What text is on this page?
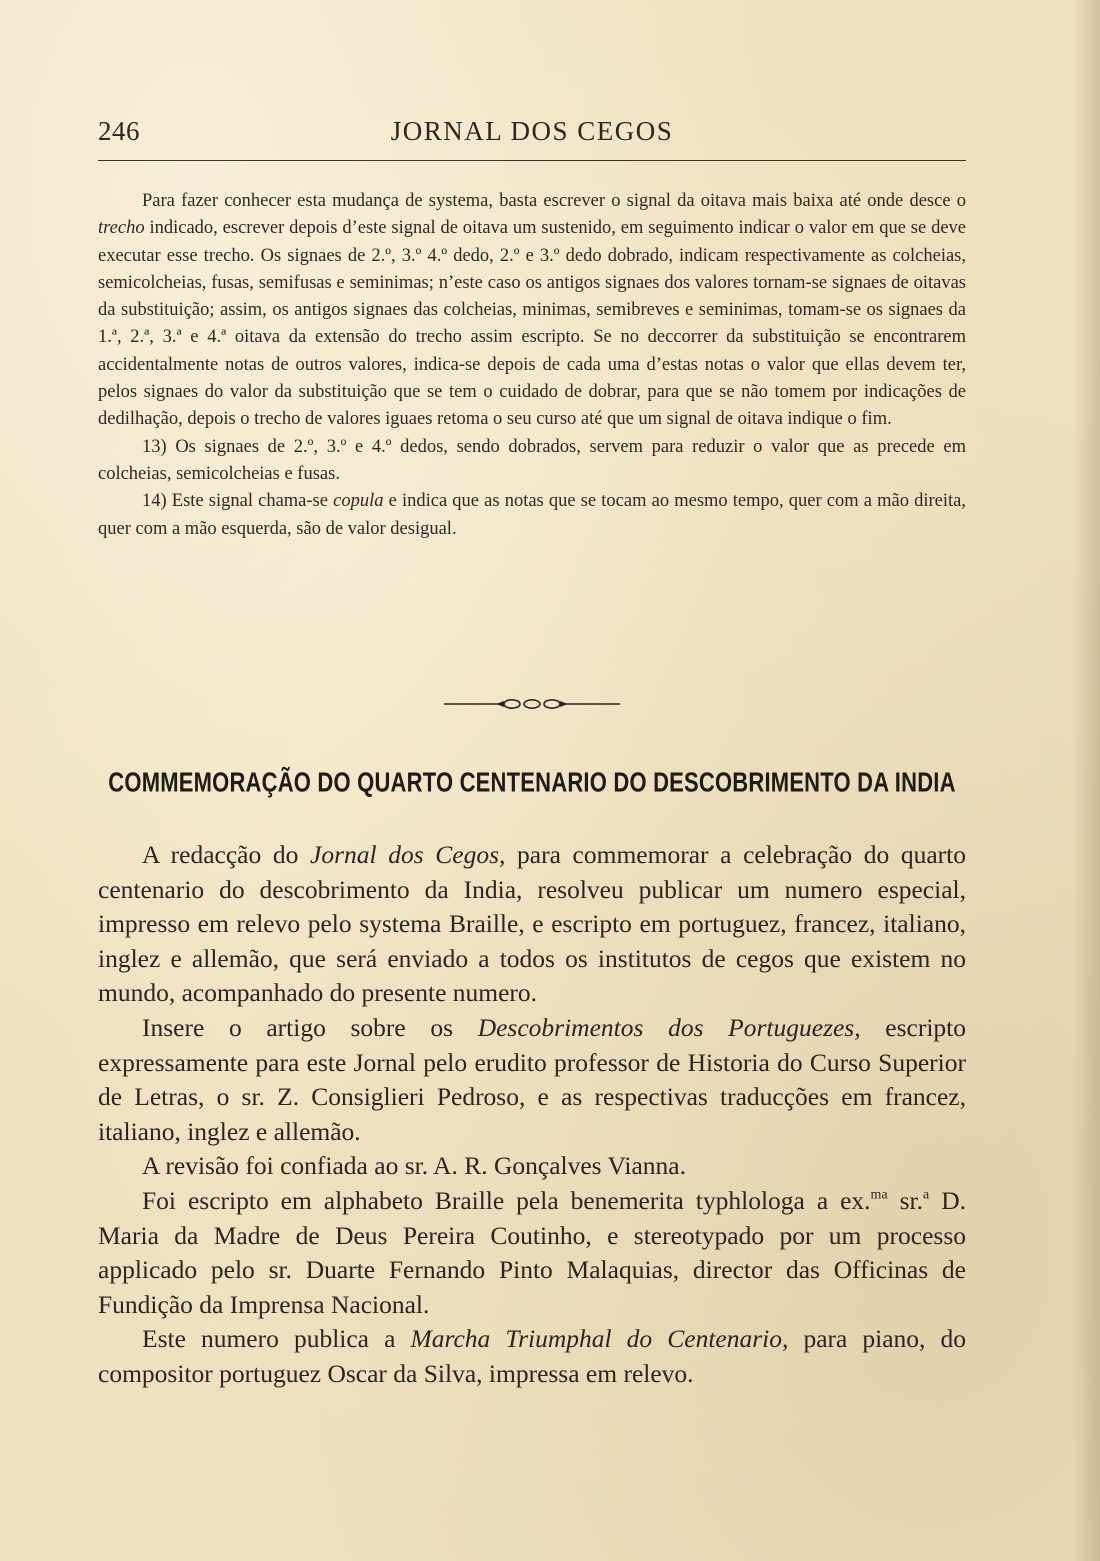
246	JORNAL DOS CEGOS

Para fazer conhecer esta mudança de systema, basta escrever o signal da oitava mais baixa até onde desce o trecho indicado, escrever depois d’este signal de oitava um sustenido, em seguimento indicar o valor em que se deve executar esse trecho. Os signaes de 2.º, 3.º 4.º dedo, 2.º e 3.º dedo dobrado, indicam respectivamente as colcheias, semicolcheias, fusas, semifusas e seminimas; n’este caso os antigos signaes dos valores tornam-se signaes de oitavas da substituição; assim, os antigos signaes das colcheias, minimas, semibreves e seminimas, tomam-se os signaes da 1.ª, 2.ª, 3.ª e 4.ª oitava da extensão do trecho assim escripto. Se no deccorrer da substituição se encontrarem accidentalmente notas de outros valores, indica-se depois de cada uma d’estas notas o valor que ellas devem ter, pelos signaes do valor da substituição que se tem o cuidado de dobrar, para que se não tomem por indicações de dedilhação, depois o trecho de valores iguaes retoma o seu curso até que um signal de oitava indique o fim.

13) Os signaes de 2.º, 3.º e 4.º dedos, sendo dobrados, servem para reduzir o valor que as precede em colcheias, semicolcheias e fusas.

14) Este signal chama-se copula e indica que as notas que se tocam ao mesmo tempo, quer com a mão direita, quer com a mão esquerda, são de valor desigual.

COMMEMORAÇÃO DO QUARTO CENTENARIO DO DESCOBRIMENTO DA INDIA

A redacção do Jornal dos Cegos, para commemorar a celebração do quarto centenario do descobrimento da India, resolveu publicar um numero especial, impresso em relevo pelo systema Braille, e escripto em portuguez, francez, italiano, inglez e allemão, que será enviado a todos os institutos de cegos que existem no mundo, acompanhado do presente numero.

Insere o artigo sobre os Descobrimentos dos Portuguezes, escripto expressamente para este Jornal pelo erudito professor de Historia do Curso Superior de Letras, o sr. Z. Consiglieri Pedroso, e as respectivas traducções em francez, italiano, inglez e allemão.

A revisão foi confiada ao sr. A. R. Gonçalves Vianna.

Foi escripto em alphabeto Braille pela benemerita typhlologa a ex.$^{ma}$ sr.$^a$ D. Maria da Madre de Deus Pereira Coutinho, e stereotypado por um processo applicado pelo sr. Duarte Fernando Pinto Malaquias, director das Officinas de Fundição da Imprensa Nacional.

Este numero publica a Marcha Triumphal do Centenario, para piano, do compositor portuguez Oscar da Silva, impressa em relevo.
